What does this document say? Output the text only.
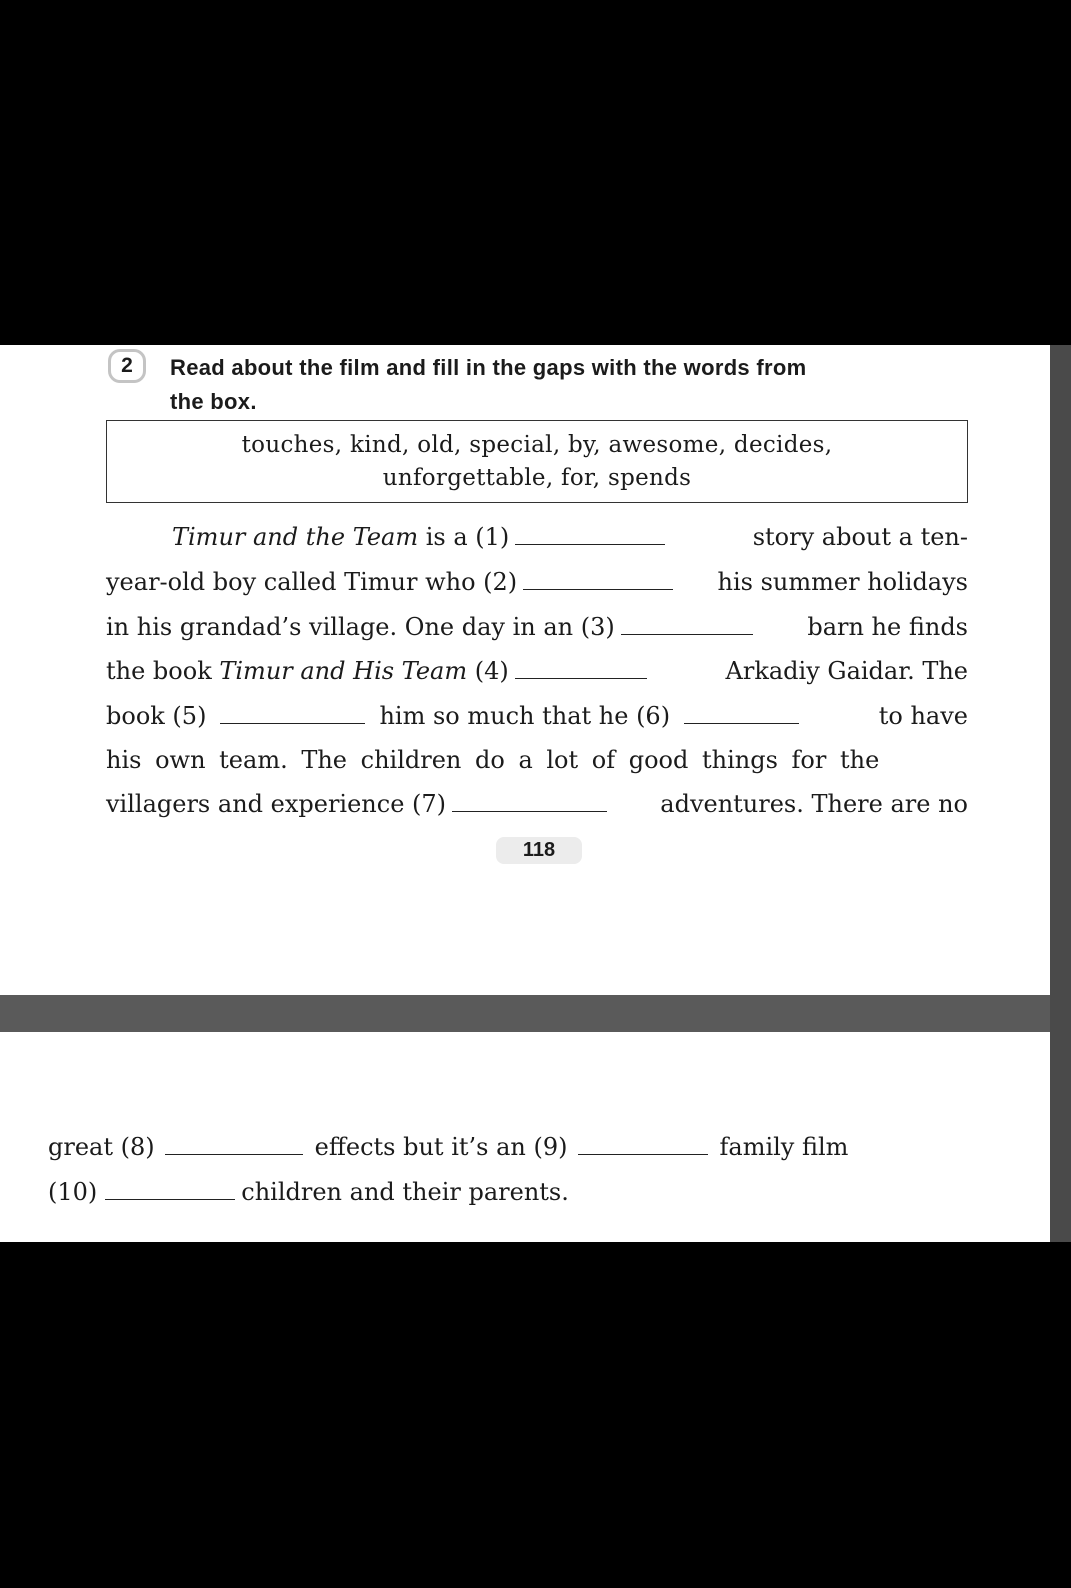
2	Read about the film and fill in the gaps with the words from
the box.
touches, kind, old, special, by, awesome, decides,
unforgettable, for, spends
Timur and the Team is a (1)	story about a ten-
year-old boy called Timur who (2)	his summer holidays
in his grandad’s village. One day in an (3)	barn he finds
the book Timur and His Team (4)	Arkadiy Gaidar. The
book (5)	him so much that he (6)	to have
his own team. The children do a lot of good things for the
villagers and experience (7)	adventures. There are no
118
great (8)	effects but it’s an (9)	family film
(10)	children and their parents.
